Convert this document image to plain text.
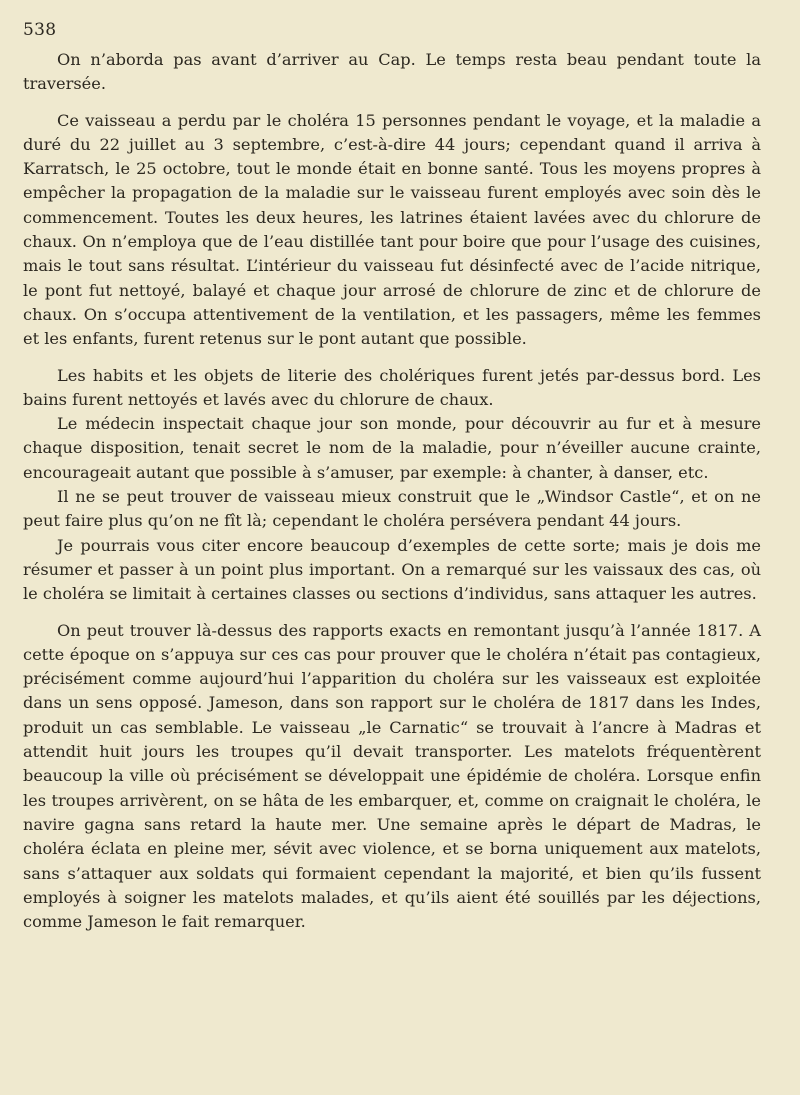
538

On n’aborda pas avant d’arriver au Cap. Le temps resta beau pendant toute la traversée.

Ce vaisseau a perdu par le choléra 15 personnes pendant le voyage, et la maladie a duré du 22 juillet au 3 septembre, c’est-à-dire 44 jours; cependant quand il arriva à Karratsch, le 25 octobre, tout le monde était en bonne santé. Tous les moyens propres à empêcher la propagation de la maladie sur le vaisseau furent employés avec soin dès le commencement. Toutes les deux heures, les latrines étaient lavées avec du chlorure de chaux. On n’employa que de l’eau distillée tant pour boire que pour l’usage des cuisines, mais le tout sans résultat. L’intérieur du vaisseau fut désinfecté avec de l’acide nitrique, le pont fut nettoyé, balayé et chaque jour arrosé de chlorure de zinc et de chlorure de chaux. On s’occupa attentivement de la ventilation, et les passagers, même les femmes et les enfants, furent retenus sur le pont autant que possible.

Les habits et les objets de literie des cholériques furent jetés par-dessus bord. Les bains furent nettoyés et lavés avec du chlorure de chaux.

Le médecin inspectait chaque jour son monde, pour découvrir au fur et à mesure chaque disposition, tenait secret le nom de la maladie, pour n’éveiller aucune crainte, encourageait autant que possible à s’amuser, par exemple: à chanter, à danser, etc.

Il ne se peut trouver de vaisseau mieux construit que le „Windsor Castle“, et on ne peut faire plus qu’on ne fît là; cependant le choléra persévera pendant 44 jours.

Je pourrais vous citer encore beaucoup d’exemples de cette sorte; mais je dois me résumer et passer à un point plus important. On a remarqué sur les vaissaux des cas, où le choléra se limitait à certaines classes ou sections d’individus, sans attaquer les autres.

On peut trouver là-dessus des rapports exacts en remontant jusqu’à l’année 1817. A cette époque on s’appuya sur ces cas pour prouver que le choléra n’était pas contagieux, précisément comme aujourd’hui l’apparition du choléra sur les vaisseaux est exploitée dans un sens opposé. Jameson, dans son rapport sur le choléra de 1817 dans les Indes, produit un cas semblable. Le vaisseau „le Carnatic“ se trouvait à l’ancre à Madras et attendit huit jours les troupes qu’il devait transporter. Les matelots fréquentèrent beaucoup la ville où précisément se développait une épidémie de choléra. Lorsque enfin les troupes arrivèrent, on se hâta de les embarquer, et, comme on craignait le choléra, le navire gagna sans retard la haute mer. Une semaine après le départ de Madras, le choléra éclata en pleine mer, sévit avec violence, et se borna uniquement aux matelots, sans s’attaquer aux soldats qui formaient cependant la majorité, et bien qu’ils fussent employés à soigner les matelots malades, et qu’ils aient été souillés par les déjections, comme Jameson le fait remarquer.
